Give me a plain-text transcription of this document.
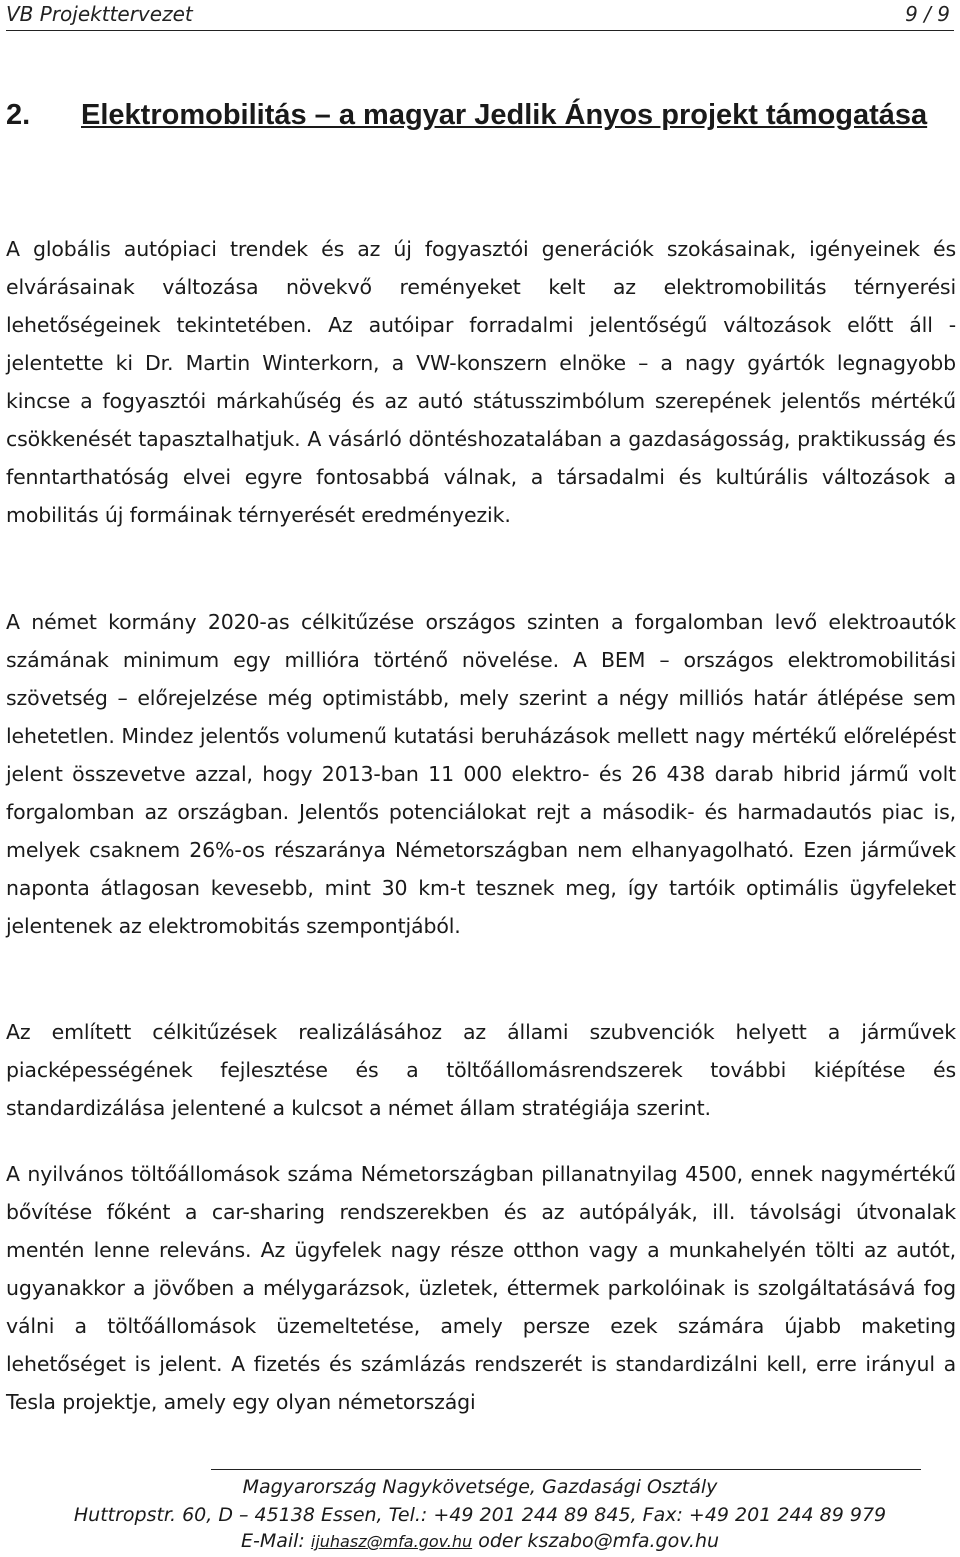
VB Projektterv​ezet	9 / 9
2. Elektromobilitás – a magyar Jedlik Ányos projekt támogatása

A globális autópiaci trendek és az új fogyasztói generációk szokásainak, igényeinek és elvárásainak változása növekvő reményeket kelt az elektromobilitás térnyerési lehetőségeinek tekintetében. Az autóipar forradalmi jelentőségű változások előtt áll - jelentette ki Dr. Martin Winterkorn, a VW-konszern elnöke – a nagy gyártók legnagyobb kincse a fogyasztói márkahűség és az autó státusszimbólum szerepének jelentős mértékű csökkenését tapasztalhatjuk. A vásárló döntéshozatalában a gazdaságosság, praktikusság és fenntarthatóság elvei egyre fontosabbá válnak, a társadalmi és kultúrális változások a mobilitás új formáinak térnyerését eredményezik.

A német kormány 2020-as célkitűzése országos szinten a forgalomban levő elektroautók számának minimum egy millióra történő növelése. A BEM – országos elektromobilitási szövetség – előrejelzése még optimistább, mely szerint a négy milliós határ átlépése sem lehetetlen. Mindez jelentős volumenű kutatási beruházások mellett nagy mértékű előrelépést jelent összevetve azzal, hogy 2013-ban 11 000 elektro- és 26 438 darab hibrid jármű volt forgalomban az országban. Jelentős potenciálokat rejt a második- és harmadautós piac is, melyek csaknem 26%-os részaránya Németországban nem elhanyagolható. Ezen járművek naponta átlagosan kevesebb, mint 30 km-t tesznek meg, így tartóik optimális ügyfeleket jelentenek az elektromobitás szempontjából.

Az említett célkitűzések realizálásához az állami szubvenciók helyett a járművek piacképességének fejlesztése és a töltőállomásrendszerek további kiépítése és standardizálása jelentené a kulcsot a német állam stratégiája szerint.

A nyilvános töltőállomások száma Németországban pillanatnyilag 4500, ennek nagymértékű bővítése főként a car-sharing rendszerekben és az autópályák, ill. távolsági útvonalak mentén lenne releváns. Az ügyfelek nagy része otthon vagy a munkahelyén tölti az autót, ugyanakkor a jövőben a mélygarázsok, üzletek, éttermek parkolóinak is szolgáltatásává fog válni a töltőállomások üzemeltetése, amely persze ezek számára újabb maketing lehetőséget is jelent. A fizetés és számlázás rendszerét is standardizálni kell, erre irányul a Tesla projektje, amely egy olyan németországi

Magyarország Nagykövetsége, Gazdasági Osztály
Huttropstr. 60, D – 45138 Essen, Tel.: +49 201 244 89 845, Fax: +49 201 244 89 979
E-Mail: ijuhasz@mfa.gov.hu oder kszabo@mfa.gov.hu
